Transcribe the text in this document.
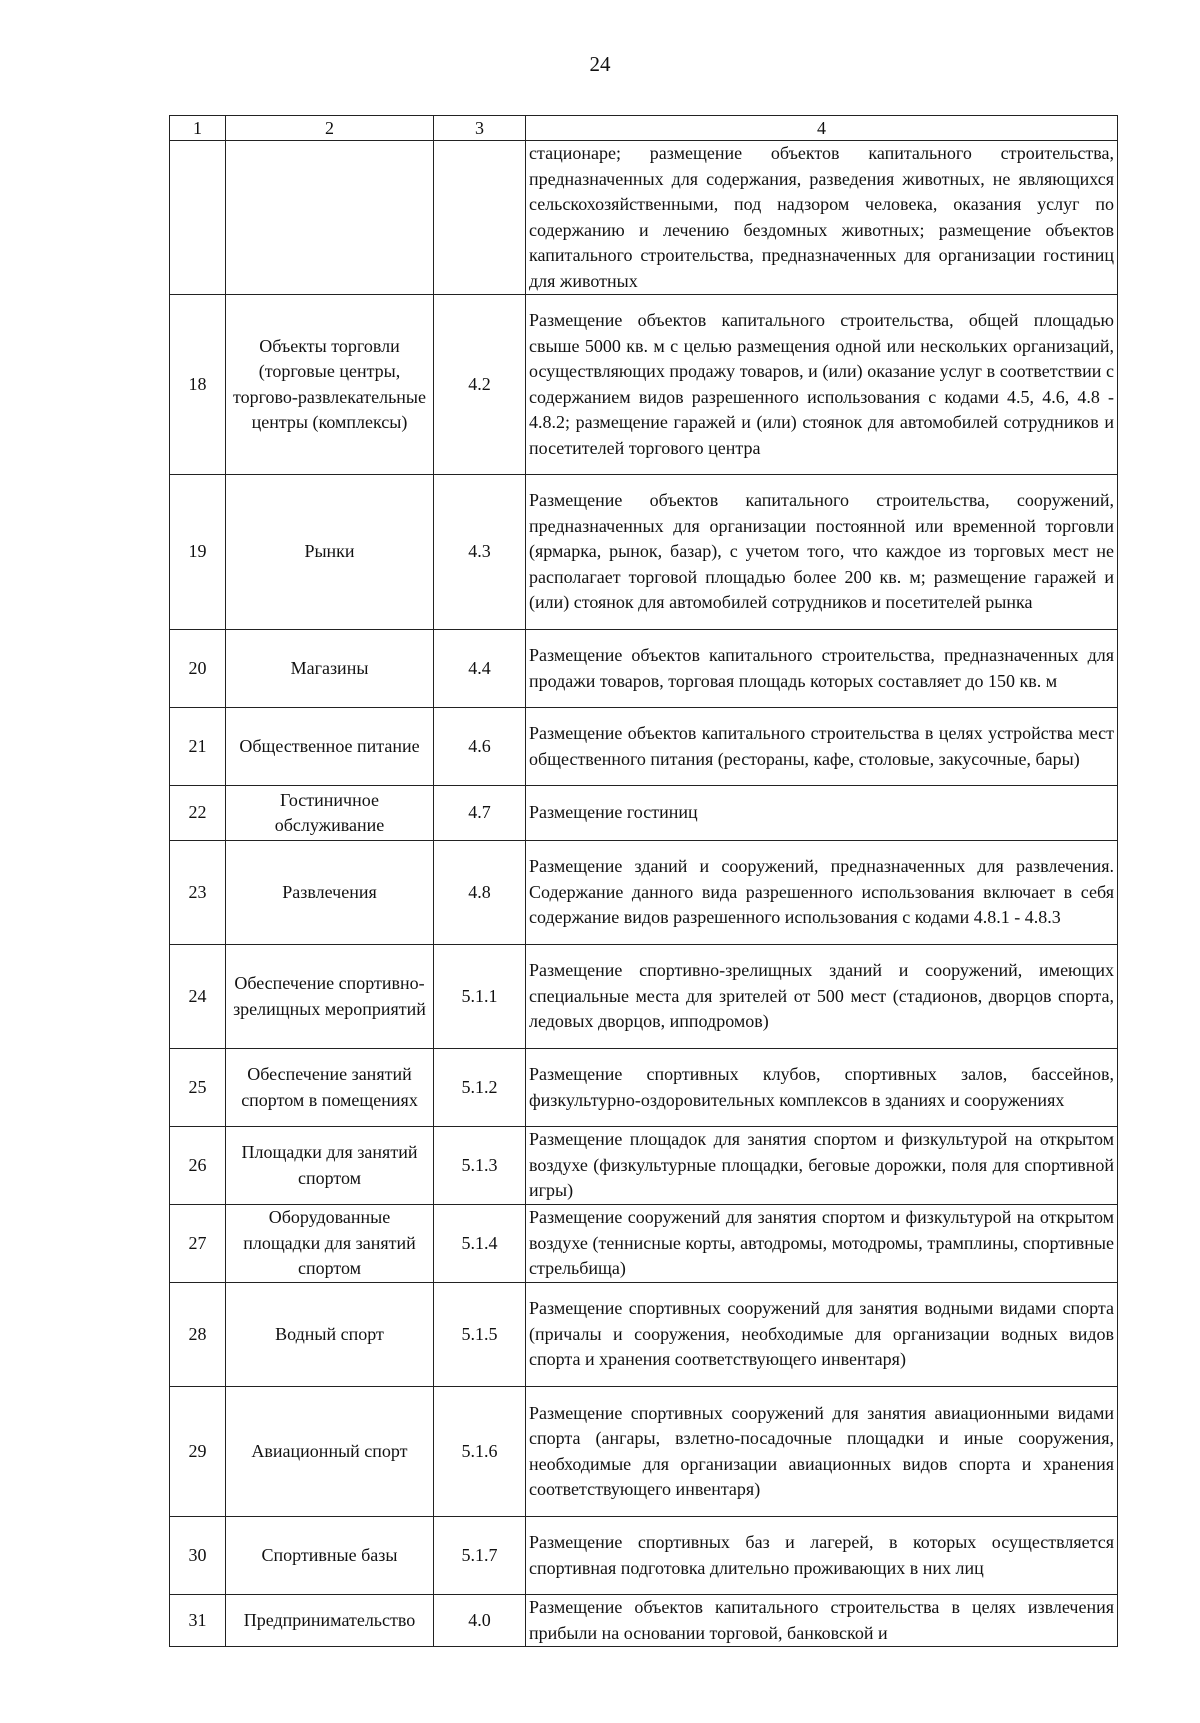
24
1	2	3	4
			стационаре; размещение объектов капитального строительства, предназначенных для содержания, разведения животных, не являющихся сельскохозяйственными, под надзором человека, оказания услуг по содержанию и лечению бездомных животных; размещение объектов капитального строительства, предназначенных для организации гостиниц для животных
18	Объекты торговли (торговые центры, торгово-развлекательные центры (комплексы)	4.2	Размещение объектов капитального строительства, общей площадью свыше 5000 кв. м с целью размещения одной или нескольких организаций, осуществляющих продажу товаров, и (или) оказание услуг в соответствии с содержанием видов разрешенного использования с кодами 4.5, 4.6, 4.8 - 4.8.2; размещение гаражей и (или) стоянок для автомобилей сотрудников и посетителей торгового центра
19	Рынки	4.3	Размещение объектов капитального строительства, сооружений, предназначенных для организации постоянной или временной торговли (ярмарка, рынок, базар), с учетом того, что каждое из торговых мест не располагает торговой площадью более 200 кв. м; размещение гаражей и (или) стоянок для автомобилей сотрудников и посетителей рынка
20	Магазины	4.4	Размещение объектов капитального строительства, предназначенных для продажи товаров, торговая площадь которых составляет до 150 кв. м
21	Общественное питание	4.6	Размещение объектов капитального строительства в целях устройства мест общественного питания (рестораны, кафе, столовые, закусочные, бары)
22	Гостиничное обслуживание	4.7	Размещение гостиниц
23	Развлечения	4.8	Размещение зданий и сооружений, предназначенных для развлечения. Содержание данного вида разрешенного использования включает в себя содержание видов разрешенного использования с кодами 4.8.1 - 4.8.3
24	Обеспечение спортивно-зрелищных мероприятий	5.1.1	Размещение спортивно-зрелищных зданий и сооружений, имеющих специальные места для зрителей от 500 мест (стадионов, дворцов спорта, ледовых дворцов, ипподромов)
25	Обеспечение занятий спортом в помещениях	5.1.2	Размещение спортивных клубов, спортивных залов, бассейнов, физкультурно-оздоровительных комплексов в зданиях и сооружениях
26	Площадки для занятий спортом	5.1.3	Размещение площадок для занятия спортом и физкультурой на открытом воздухе (физкультурные площадки, беговые дорожки, поля для спортивной игры)
27	Оборудованные площадки для занятий спортом	5.1.4	Размещение сооружений для занятия спортом и физкультурой на открытом воздухе (теннисные корты, автодромы, мотодромы, трамплины, спортивные стрельбища)
28	Водный спорт	5.1.5	Размещение спортивных сооружений для занятия водными видами спорта (причалы и сооружения, необходимые для организации водных видов спорта и хранения соответствующего инвентаря)
29	Авиационный спорт	5.1.6	Размещение спортивных сооружений для занятия авиационными видами спорта (ангары, взлетно-посадочные площадки и иные сооружения, необходимые для организации авиационных видов спорта и хранения соответствующего инвентаря)
30	Спортивные базы	5.1.7	Размещение спортивных баз и лагерей, в которых осуществляется спортивная подготовка длительно проживающих в них лиц
31	Предпринимательство	4.0	Размещение объектов капитального строительства в целях извлечения прибыли на основании торговой, банковской и
